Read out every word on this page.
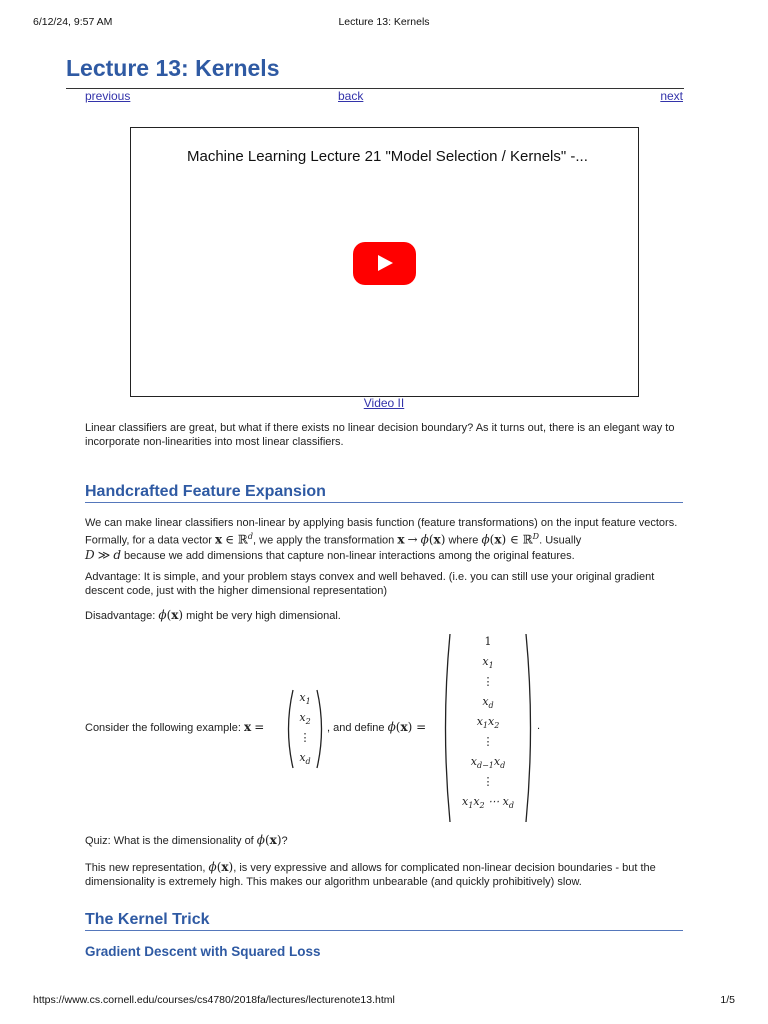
6/12/24, 9:57 AM	Lecture 13: Kernels
Lecture 13: Kernels
previous	back	next
Machine Learning Lecture 21 "Model Selection / Kernels" -...
Video II

Linear classifiers are great, but what if there exists no linear decision boundary? As it turns out, there is an elegant way to incorporate non-linearities into most linear classifiers.

Handcrafted Feature Expansion

We can make linear classifiers non-linear by applying basis function (feature transformations) on the input feature vectors. Formally, for a data vector x ∈ ℝ$^d$, we apply the transformation x → ϕ(x) where ϕ(x) ∈ ℝ$^D$. Usually
D ≫ d because we add dimensions that capture non-linear interactions among the original features.

Advantage: It is simple, and your problem stays convex and well behaved. (i.e. you can still use your original gradient descent code, just with the higher dimensional representation)

Disadvantage: ϕ(x) might be very high dimensional.

Consider the following example: x =
$x_1$
$x_2$
⋮
$x_d$
, and define ϕ(x) =
1
$x_1$
⋮
$x_d$
$x_1x_2$
⋮
$x_{d-1}x_d$
⋮
$x_1x_2$ ⋯ $x_d$
.

Quiz: What is the dimensionality of ϕ(x)?

This new representation, ϕ(x), is very expressive and allows for complicated non-linear decision boundaries - but the dimensionality is extremely high. This makes our algorithm unbearable (and quickly prohibitively) slow.

The Kernel Trick
Gradient Descent with Squared Loss
https://www.cs.cornell.edu/courses/cs4780/2018fa/lectures/lecturenote13.html	1/5
